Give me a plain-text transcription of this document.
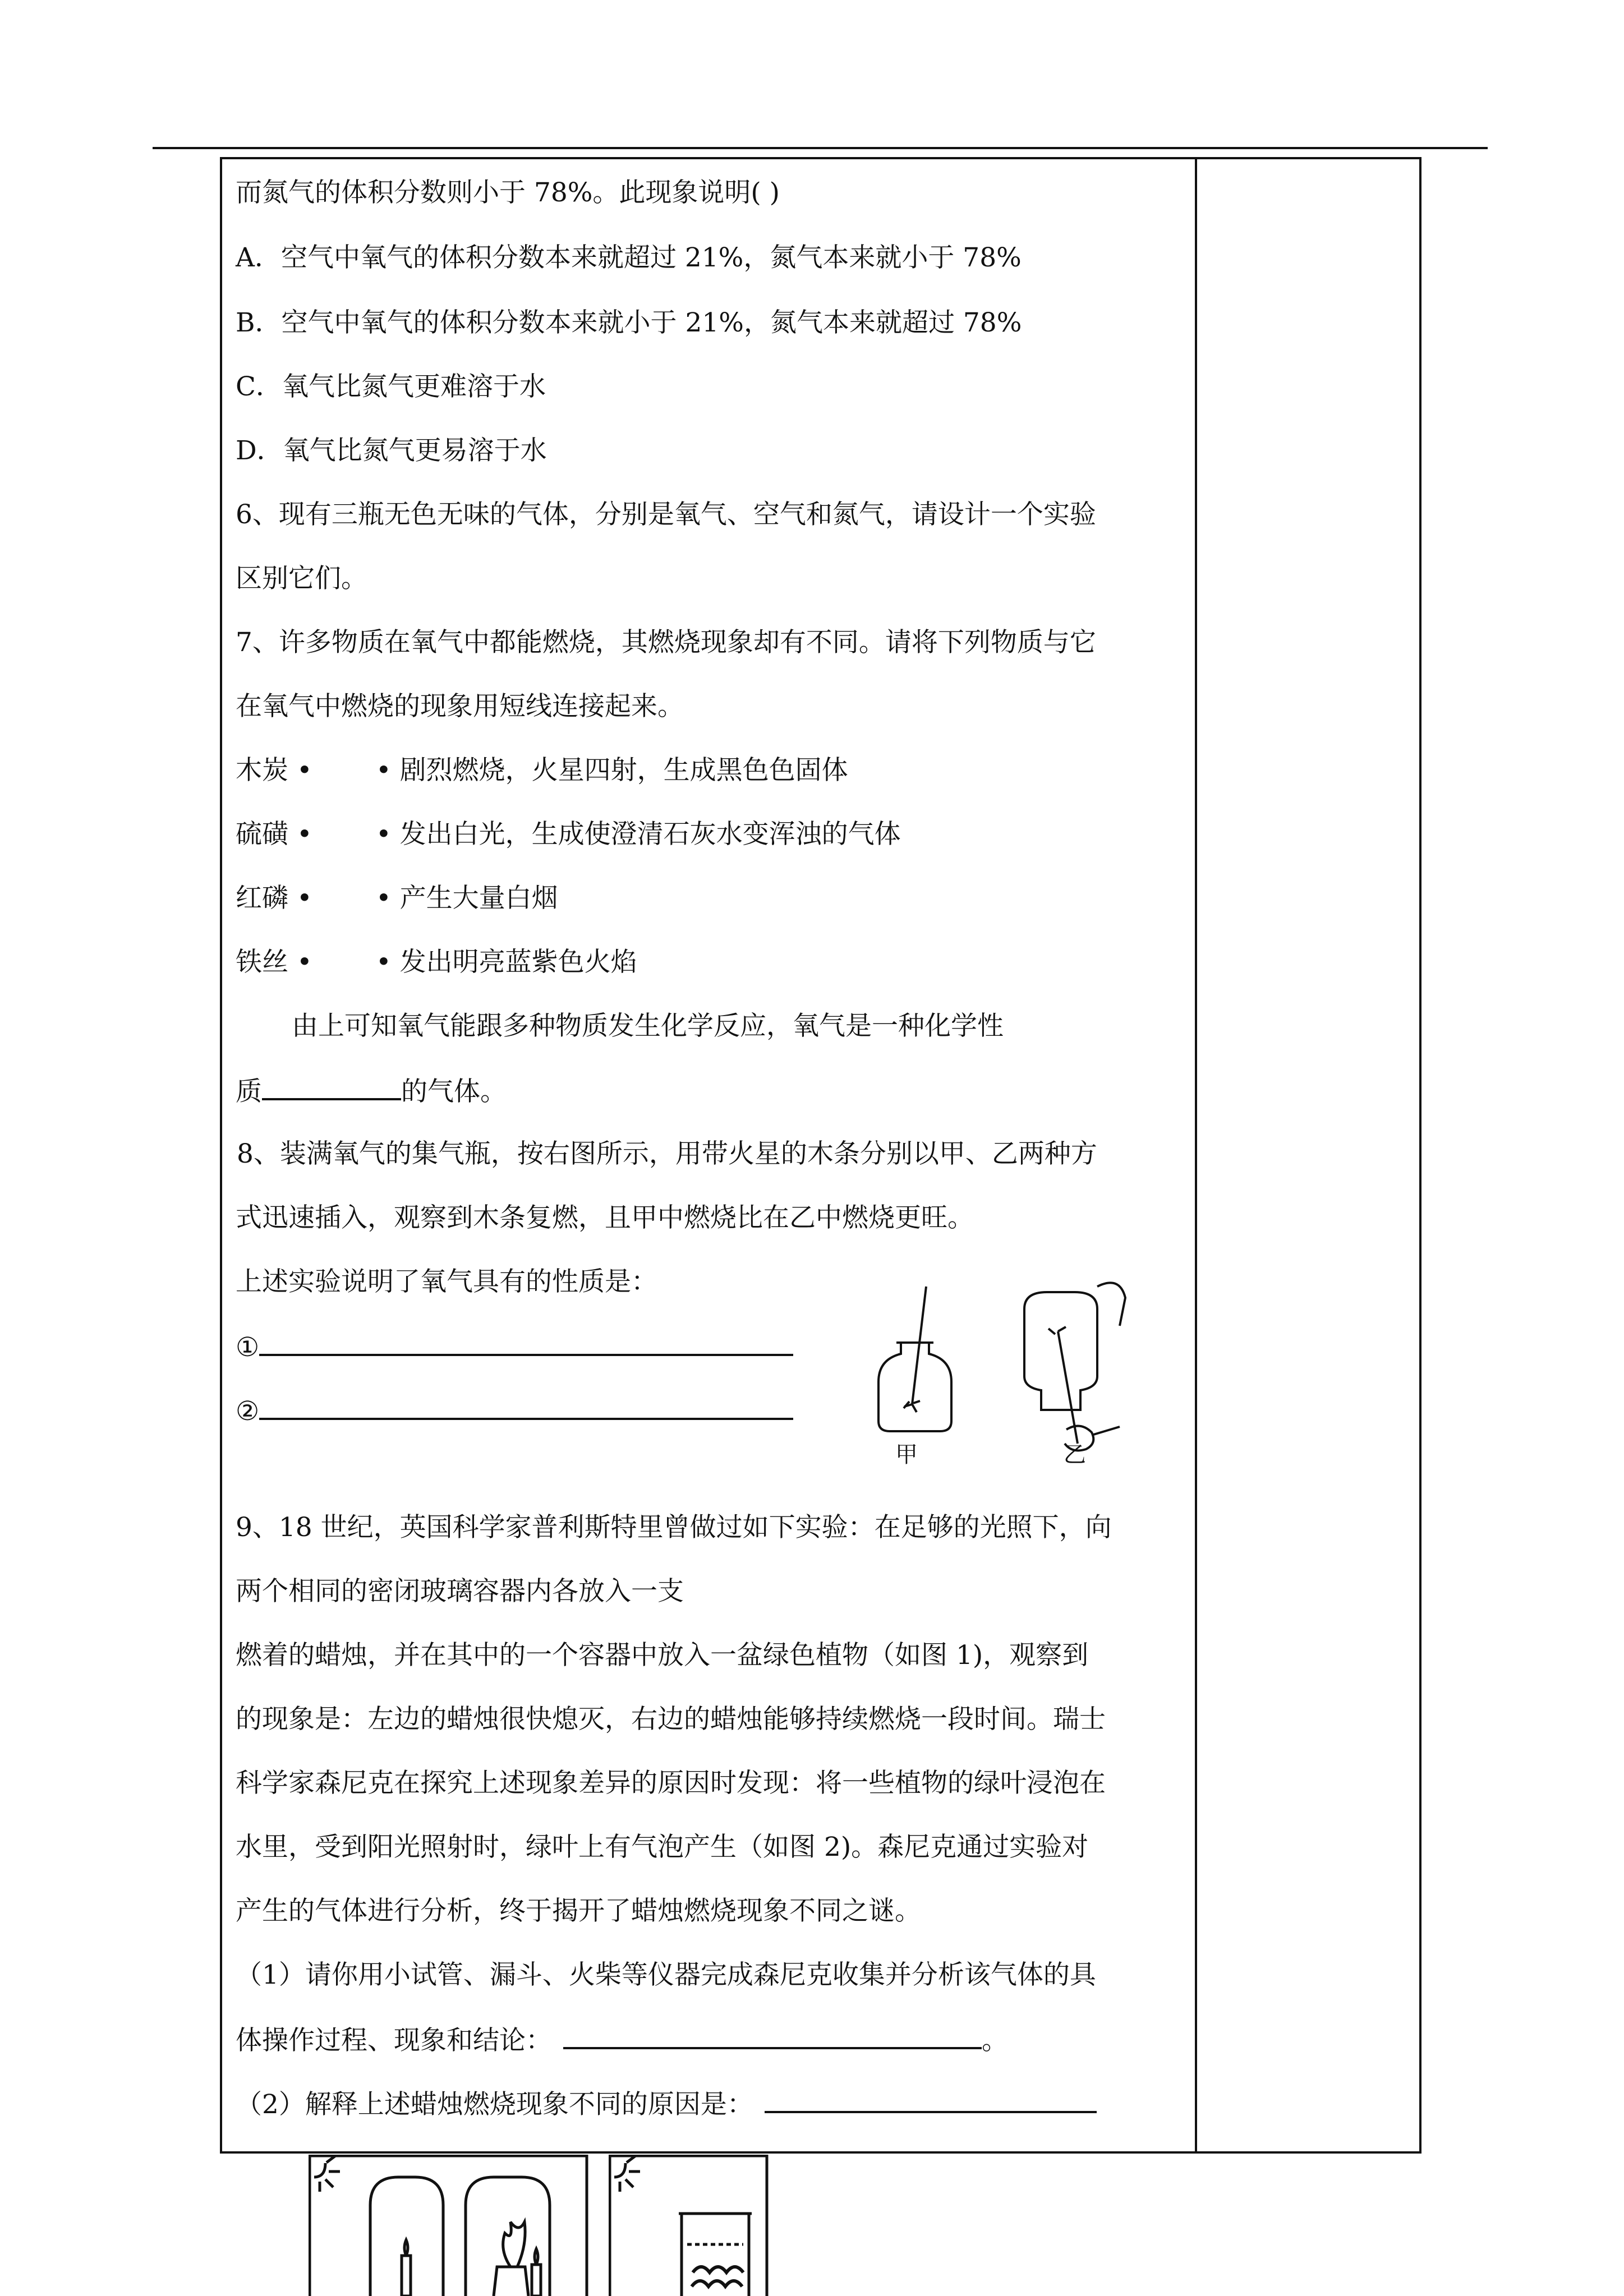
而氮气的体积分数则小于 78%。此现象说明( )
A．空气中氧气的体积分数本来就超过 21%，氮气本来就小于 78%
B．空气中氧气的体积分数本来就小于 21%，氮气本来就超过 78%
C．氧气比氮气更难溶于水
D．氧气比氮气更易溶于水
6、现有三瓶无色无味的气体，分别是氧气、空气和氮气，请设计一个实验
区别它们。
7、许多物质在氧气中都能燃烧，其燃烧现象却有不同。请将下列物质与它
在氧气中燃烧的现象用短线连接起来。
木炭 • • 剧烈燃烧，火星四射，生成黑色色固体
硫磺 • • 发出白光，生成使澄清石灰水变浑浊的气体
红磷 • • 产生大量白烟
铁丝 • • 发出明亮蓝紫色火焰
由上可知氧气能跟多种物质发生化学反应，氧气是一种化学性
质	的气体。
8、装满氧气的集气瓶，按右图所示，用带火星的木条分别以甲、乙两种方
式迅速插入，观察到木条复燃，且甲中燃烧比在乙中燃烧更旺。
上述实验说明了氧气具有的性质是：
①
②
9、18 世纪，英国科学家普利斯特里曾做过如下实验：在足够的光照下，向
两个相同的密闭玻璃容器内各放入一支
燃着的蜡烛，并在其中的一个容器中放入一盆绿色植物（如图 1)，观察到
的现象是：左边的蜡烛很快熄灭，右边的蜡烛能够持续燃烧一段时间。瑞士
科学家森尼克在探究上述现象差异的原因时发现：将一些植物的绿叶浸泡在
水里，受到阳光照射时，绿叶上有气泡产生（如图 2)。森尼克通过实验对
产生的气体进行分析，终于揭开了蜡烛燃烧现象不同之谜。
（1）请你用小试管、漏斗、火柴等仪器完成森尼克收集并分析该气体的具
体操作过程、现象和结论：	。
（2）解释上述蜡烛燃烧现象不同的原因是：
甲	乙
